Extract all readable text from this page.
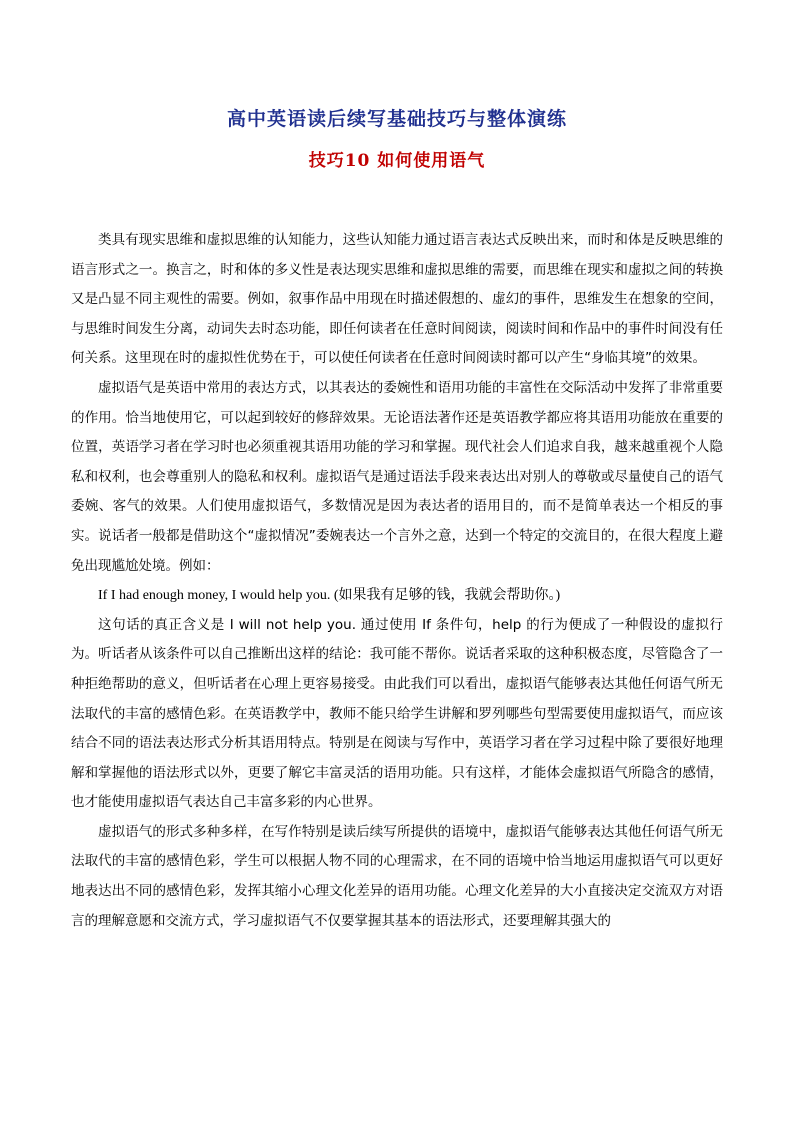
高中英语读后续写基础技巧与整体演练
技巧10 如何使用语气

类具有现实思维和虚拟思维的认知能力，这些认知能力通过语言表达式反映出来，而时和体是反映思维的语言形式之一。换言之，时和体的多义性是表达现实思维和虚拟思维的需要，而思维在现实和虚拟之间的转换又是凸显不同主观性的需要。例如，叙事作品中用现在时描述假想的、虚幻的事件，思维发生在想象的空间，与思维时间发生分离，动词失去时态功能，即任何读者在任意时间阅读，阅读时间和作品中的事件时间没有任何关系。这里现在时的虚拟性优势在于，可以使任何读者在任意时间阅读时都可以产生“身临其境”的效果。

虚拟语气是英语中常用的表达方式，以其表达的委婉性和语用功能的丰富性在交际活动中发挥了非常重要的作用。恰当地使用它，可以起到较好的修辞效果。无论语法著作还是英语教学都应将其语用功能放在重要的位置，英语学习者在学习时也必须重视其语用功能的学习和掌握。现代社会人们追求自我，越来越重视个人隐私和权利，也会尊重别人的隐私和权利。虚拟语气是通过语法手段来表达出对别人的尊敬或尽量使自己的语气委婉、客气的效果。人们使用虚拟语气，多数情况是因为表达者的语用目的，而不是简单表达一个相反的事实。说话者一般都是借助这个“虚拟情况”委婉表达一个言外之意，达到一个特定的交流目的，在很大程度上避免出现尴尬处境。例如：

If I had enough money, I would help you. (如果我有足够的钱，我就会帮助你。)

这句话的真正含义是 I will not help you. 通过使用 If 条件句，help 的行为便成了一种假设的虚拟行为。听话者从该条件可以自己推断出这样的结论：我可能不帮你。说话者采取的这种积极态度，尽管隐含了一种拒绝帮助的意义，但听话者在心理上更容易接受。由此我们可以看出，虚拟语气能够表达其他任何语气所无法取代的丰富的感情色彩。在英语教学中，教师不能只给学生讲解和罗列哪些句型需要使用虚拟语气，而应该结合不同的语法表达形式分析其语用特点。特别是在阅读与写作中，英语学习者在学习过程中除了要很好地理解和掌握他的语法形式以外，更要了解它丰富灵活的语用功能。只有这样，才能体会虚拟语气所隐含的感情，也才能使用虚拟语气表达自己丰富多彩的内心世界。

虚拟语气的形式多种多样，在写作特别是读后续写所提供的语境中，虚拟语气能够表达其他任何语气所无法取代的丰富的感情色彩，学生可以根据人物不同的心理需求，在不同的语境中恰当地运用虚拟语气可以更好地表达出不同的感情色彩，发挥其缩小心理文化差异的语用功能。心理文化差异的大小直接决定交流双方对语言的理解意愿和交流方式，学习虚拟语气不仅要掌握其基本的语法形式，还要理解其强大的
